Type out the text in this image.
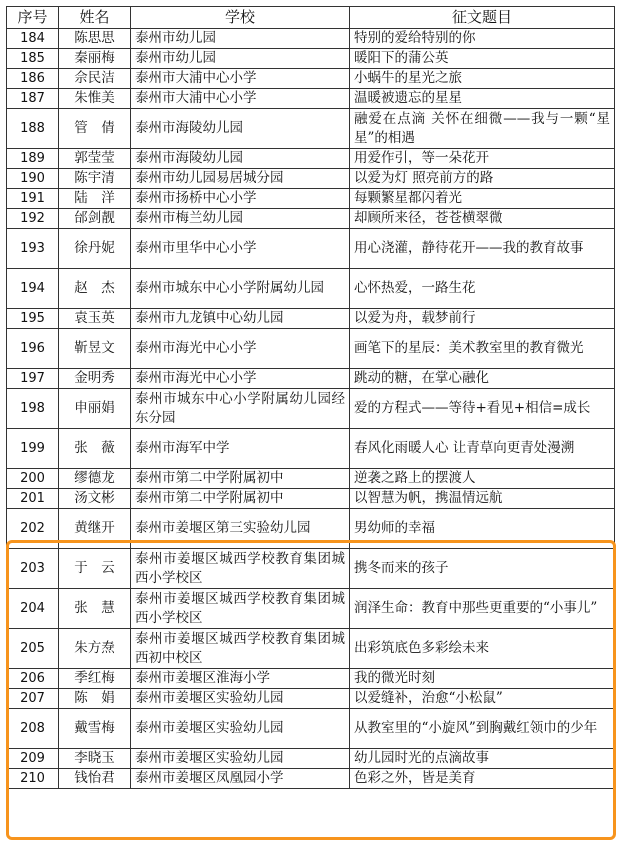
序号	姓名	学校	征文题目
184	陈思思	泰州市幼儿园	特别的爱给特别的你
185	秦丽梅	泰州市幼儿园	暖阳下的蒲公英
186	佘民洁	泰州市大浦中心小学	小蜗牛的星光之旅
187	朱惟美	泰州市大浦中心小学	温暖被遗忘的星星
188	管　倩	泰州市海陵幼儿园	融爱在点滴 关怀在细微——我与一颗“星星”的相遇
189	郭莹莹	泰州市海陵幼儿园	用爱作引，等一朵花开
190	陈宇清	泰州市幼儿园易居城分园	以爱为灯 照亮前方的路
191	陆　洋	泰州市扬桥中心小学	每颗繁星都闪着光
192	邰剑靓	泰州市梅兰幼儿园	却顾所来径，苍苍横翠微
193	徐丹妮	泰州市里华中心小学	用心浇灌，静待花开——我的教育故事
194	赵　杰	泰州市城东中心小学附属幼儿园	心怀热爱，一路生花
195	袁玉英	泰州市九龙镇中心幼儿园	以爱为舟，载梦前行
196	靳昱文	泰州市海光中心小学	画笔下的星辰：美术教室里的教育微光
197	金明秀	泰州市海光中心小学	跳动的糖，在掌心融化
198	申丽娟	泰州市城东中心小学附属幼儿园经东分园	爱的方程式——等待+看见+相信=成长
199	张　薇	泰州市海军中学	春风化雨暖人心 让青草向更青处漫溯
200	缪德龙	泰州市第二中学附属初中	逆袭之路上的摆渡人
201	汤文彬	泰州市第二中学附属初中	以智慧为帆，携温情远航
202	黄继开	泰州市姜堰区第三实验幼儿园	男幼师的幸福
203	于　云	泰州市姜堰区城西学校教育集团城西小学校区	携冬而来的孩子
204	张　慧	泰州市姜堰区城西学校教育集团城西小学校区	润泽生命：教育中那些更重要的“小事儿”
205	朱方焘	泰州市姜堰区城西学校教育集团城西初中校区	出彩筑底色多彩绘未来
206	季红梅	泰州市姜堰区淮海小学	我的微光时刻
207	陈　娟	泰州市姜堰区实验幼儿园	以爱缝补，治愈“小松鼠”
208	戴雪梅	泰州市姜堰区实验幼儿园	从教室里的“小旋风”到胸戴红领巾的少年
209	李晓玉	泰州市姜堰区实验幼儿园	幼儿园时光的点滴故事
210	钱怡君	泰州市姜堰区凤凰园小学	色彩之外，皆是美育
